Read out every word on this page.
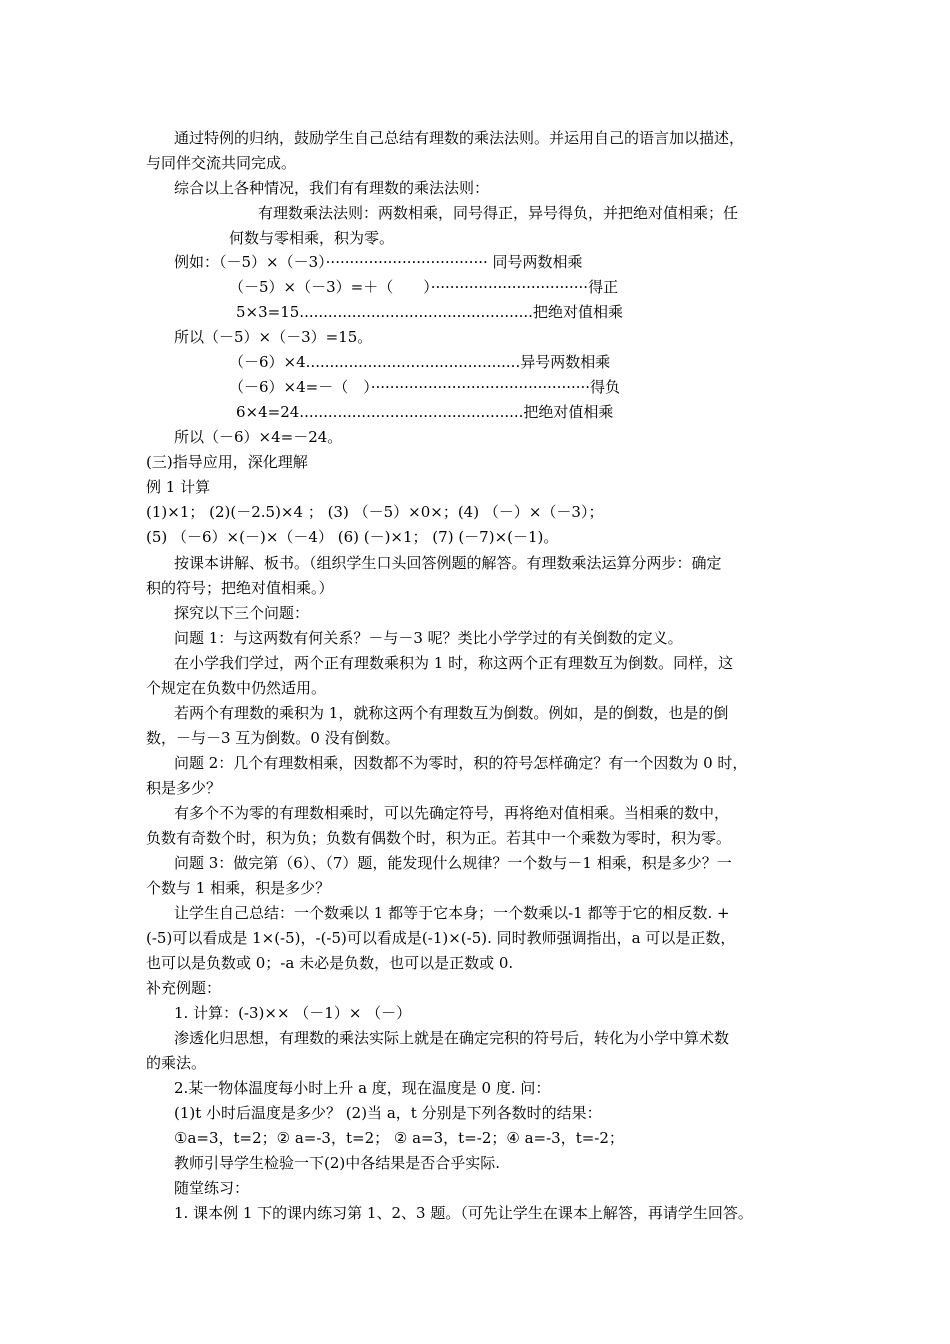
通过特例的归纳，鼓励学生自己总结有理数的乘法法则。并运用自己的语言加以描述，
与同伴交流共同完成。
综合以上各种情况，我们有有理数的乘法法则：
有理数乘法法则：两数相乘，同号得正，异号得负，并把绝对值相乘；任
何数与零相乘，积为零。
例如：（－5）×（－3）·································· 同号两数相乘
（－5）×（－3）=＋（　　）·································得正
5×3=15.................................................把绝对值相乘
所以（－5）×（－3）=15。
（－6）×4.............................................异号两数相乘
（－6）×4=－（　）··············································得负
6×4=24...............................................把绝对值相乘
所以（－6）×4=－24。
(三)指导应用，深化理解
例 1 计算
(1)×1； (2)(－2.5)×4 ； (3) （－5）×0×；(4) （－）×（－3）；
(5) （－6）×(－)×（－4） (6) (－)×1； (7) (－7)×(－1)。
按课本讲解、板书。（组织学生口头回答例题的解答。有理数乘法运算分两步：确定
积的符号；把绝对值相乘。）
探究以下三个问题：
问题 1：与这两数有何关系？－与－3 呢？类比小学学过的有关倒数的定义。
在小学我们学过，两个正有理数乘积为 1 时，称这两个正有理数互为倒数。同样，这
个规定在负数中仍然适用。
若两个有理数的乘积为 1，就称这两个有理数互为倒数。例如，是的倒数，也是的倒
数，－与－3 互为倒数。0 没有倒数。
问题 2：几个有理数相乘，因数都不为零时，积的符号怎样确定？有一个因数为 0 时，
积是多少？
有多个不为零的有理数相乘时，可以先确定符号，再将绝对值相乘。当相乘的数中，
负数有奇数个时，积为负；负数有偶数个时，积为正。若其中一个乘数为零时，积为零。
问题 3：做完第（6）、（7）题，能发现什么规律？一个数与－1 相乘，积是多少？一
个数与 1 相乘，积是多少？
让学生自己总结：一个数乘以 1 都等于它本身；一个数乘以-1 都等于它的相反数. +
(-5)可以看成是 1×(-5)，-(-5)可以看成是(-1)×(-5). 同时教师强调指出，a 可以是正数，
也可以是负数或 0；-a 未必是负数，也可以是正数或 0.
补充例题：
1. 计算：(-3)×× （－1）× （－）
渗透化归思想，有理数的乘法实际上就是在确定完积的符号后，转化为小学中算术数
的乘法。
2.某一物体温度每小时上升 a 度，现在温度是 0 度. 问：
(1)t 小时后温度是多少？ (2)当 a，t 分别是下列各数时的结果：
①a=3，t=2；② a=-3，t=2； ② a=3，t=-2；④ a=-3，t=-2；
教师引导学生检验一下(2)中各结果是否合乎实际.
随堂练习：
1. 课本例 1 下的课内练习第 1、2、3 题。（可先让学生在课本上解答，再请学生回答。
